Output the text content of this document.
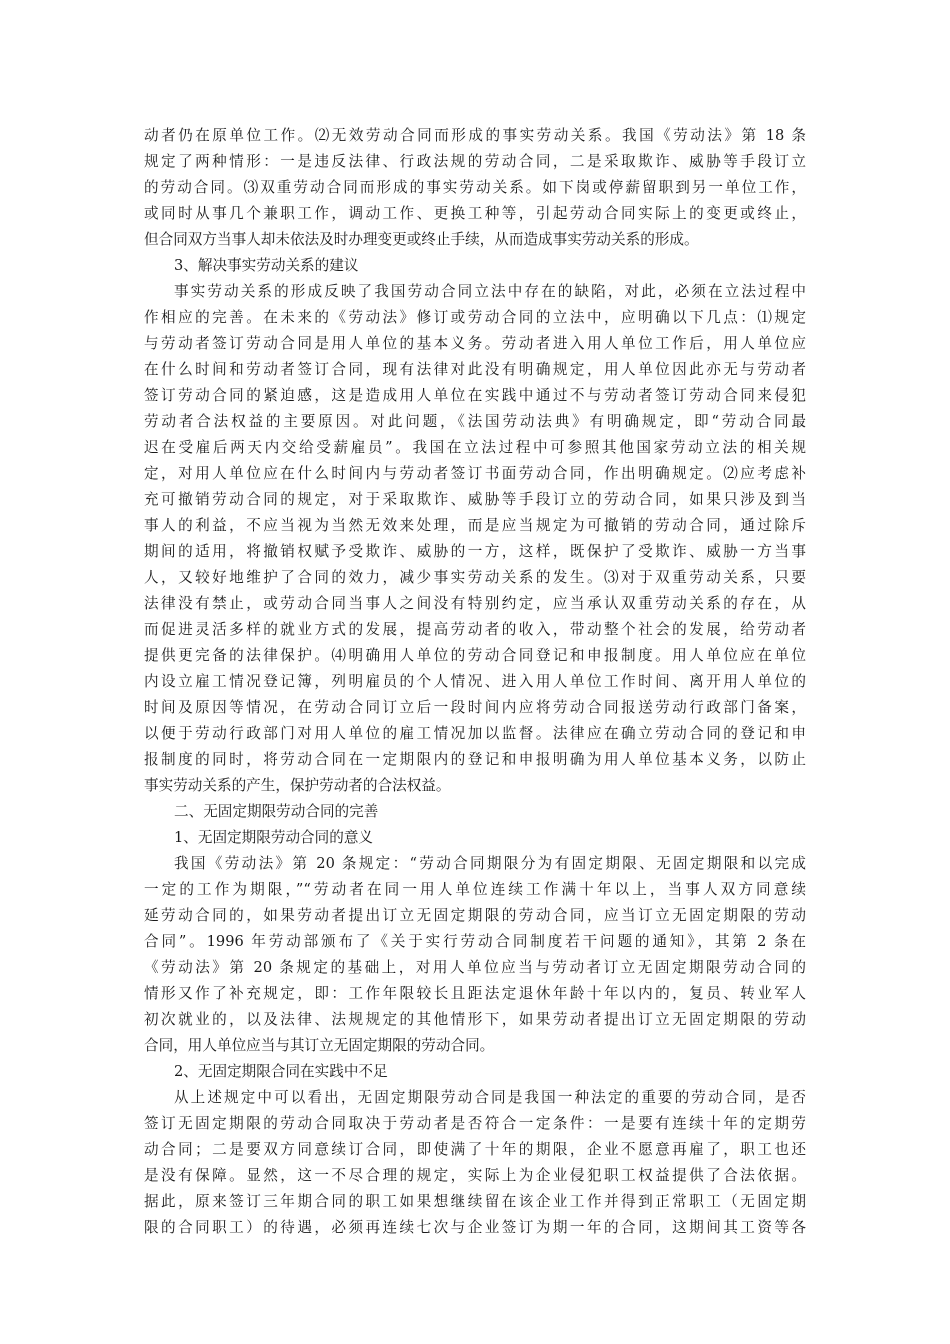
动者仍在原单位工作。⑵无效劳动合同而形成的事实劳动关系。我国《劳动法》第 18 条
规定了两种情形：一是违反法律、行政法规的劳动合同，二是采取欺诈、威胁等手段订立
的劳动合同。⑶双重劳动合同而形成的事实劳动关系。如下岗或停薪留职到另一单位工作，
或同时从事几个兼职工作，调动工作、更换工种等，引起劳动合同实际上的变更或终止，
但合同双方当事人却未依法及时办理变更或终止手续，从而造成事实劳动关系的形成。
3、解决事实劳动关系的建议
事实劳动关系的形成反映了我国劳动合同立法中存在的缺陷，对此，必须在立法过程中
作相应的完善。在未来的《劳动法》修订或劳动合同的立法中，应明确以下几点：⑴规定
与劳动者签订劳动合同是用人单位的基本义务。劳动者进入用人单位工作后，用人单位应
在什么时间和劳动者签订合同，现有法律对此没有明确规定，用人单位因此亦无与劳动者
签订劳动合同的紧迫感，这是造成用人单位在实践中通过不与劳动者签订劳动合同来侵犯
劳动者合法权益的主要原因。对此问题，《法国劳动法典》有明确规定，即“劳动合同最
迟在受雇后两天内交给受薪雇员”。我国在立法过程中可参照其他国家劳动立法的相关规
定，对用人单位应在什么时间内与劳动者签订书面劳动合同，作出明确规定。⑵应考虑补
充可撤销劳动合同的规定，对于采取欺诈、威胁等手段订立的劳动合同，如果只涉及到当
事人的利益，不应当视为当然无效来处理，而是应当规定为可撤销的劳动合同，通过除斥
期间的适用，将撤销权赋予受欺诈、威胁的一方，这样，既保护了受欺诈、威胁一方当事
人，又较好地维护了合同的效力，减少事实劳动关系的发生。⑶对于双重劳动关系，只要
法律没有禁止，或劳动合同当事人之间没有特别约定，应当承认双重劳动关系的存在，从
而促进灵活多样的就业方式的发展，提高劳动者的收入，带动整个社会的发展，给劳动者
提供更完备的法律保护。⑷明确用人单位的劳动合同登记和申报制度。用人单位应在单位
内设立雇工情况登记簿，列明雇员的个人情况、进入用人单位工作时间、离开用人单位的
时间及原因等情况，在劳动合同订立后一段时间内应将劳动合同报送劳动行政部门备案，
以便于劳动行政部门对用人单位的雇工情况加以监督。法律应在确立劳动合同的登记和申
报制度的同时，将劳动合同在一定期限内的登记和申报明确为用人单位基本义务，以防止
事实劳动关系的产生，保护劳动者的合法权益。
二、无固定期限劳动合同的完善
1、无固定期限劳动合同的意义
我国《劳动法》第 20 条规定：“劳动合同期限分为有固定期限、无固定期限和以完成
一定的工作为期限，”“劳动者在同一用人单位连续工作满十年以上，当事人双方同意续
延劳动合同的，如果劳动者提出订立无固定期限的劳动合同，应当订立无固定期限的劳动
合同”。1996 年劳动部颁布了《关于实行劳动合同制度若干问题的通知》，其第 2 条在
《劳动法》第 20 条规定的基础上，对用人单位应当与劳动者订立无固定期限劳动合同的
情形又作了补充规定，即：工作年限较长且距法定退休年龄十年以内的，复员、转业军人
初次就业的，以及法律、法规规定的其他情形下，如果劳动者提出订立无固定期限的劳动
合同，用人单位应当与其订立无固定期限的劳动合同。
2、无固定期限合同在实践中不足
从上述规定中可以看出，无固定期限劳动合同是我国一种法定的重要的劳动合同，是否
签订无固定期限的劳动合同取决于劳动者是否符合一定条件：一是要有连续十年的定期劳
动合同；二是要双方同意续订合同，即使满了十年的期限，企业不愿意再雇了，职工也还
是没有保障。显然，这一不尽合理的规定，实际上为企业侵犯职工权益提供了合法依据。
据此，原来签订三年期合同的职工如果想继续留在该企业工作并得到正常职工（无固定期
限的合同职工）的待遇，必须再连续七次与企业签订为期一年的合同，这期间其工资等各
